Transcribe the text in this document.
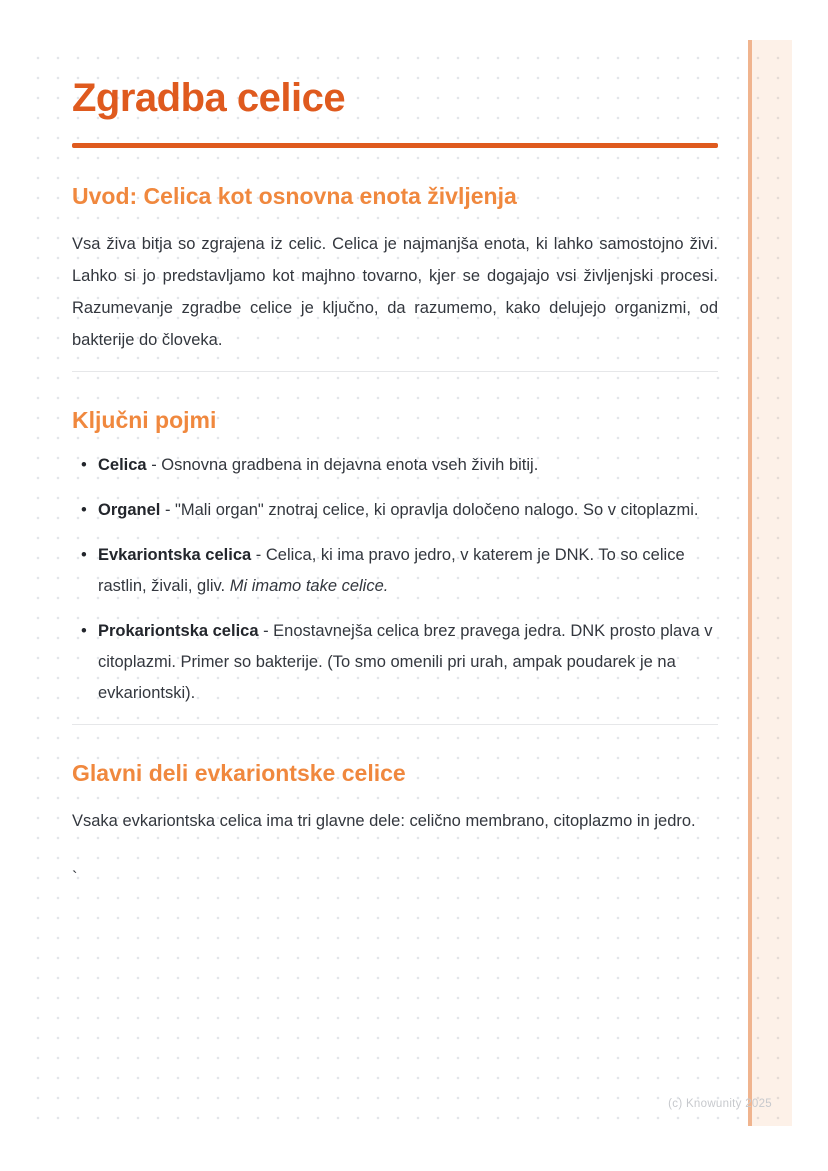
Zgradba celice
Uvod: Celica kot osnovna enota življenja

Vsa živa bitja so zgrajena iz celic. Celica je najmanjša enota, ki lahko samostojno živi. Lahko si jo predstavljamo kot majhno tovarno, kjer se dogajajo vsi življenjski procesi. Razumevanje zgradbe celice je ključno, da razumemo, kako delujejo organizmi, od bakterije do človeka.

Ključni pojmi
• Celica - Osnovna gradbena in dejavna enota vseh živih bitij.
• Organel - "Mali organ" znotraj celice, ki opravlja določeno nalogo. So v citoplazmi.
• Evkariontska celica - Celica, ki ima pravo jedro, v katerem je DNK. To so celice rastlin, živali, gliv. Mi imamo take celice.
• Prokariontska celica - Enostavnejša celica brez pravega jedra. DNK prosto plava v citoplazmi. Primer so bakterije. (To smo omenili pri urah, ampak poudarek je na evkariontski).
Glavni deli evkariontske celice

Vsaka evkariontska celica ima tri glavne dele: celično membrano, citoplazmo in jedro.

`

(c) Knowunity 2025
